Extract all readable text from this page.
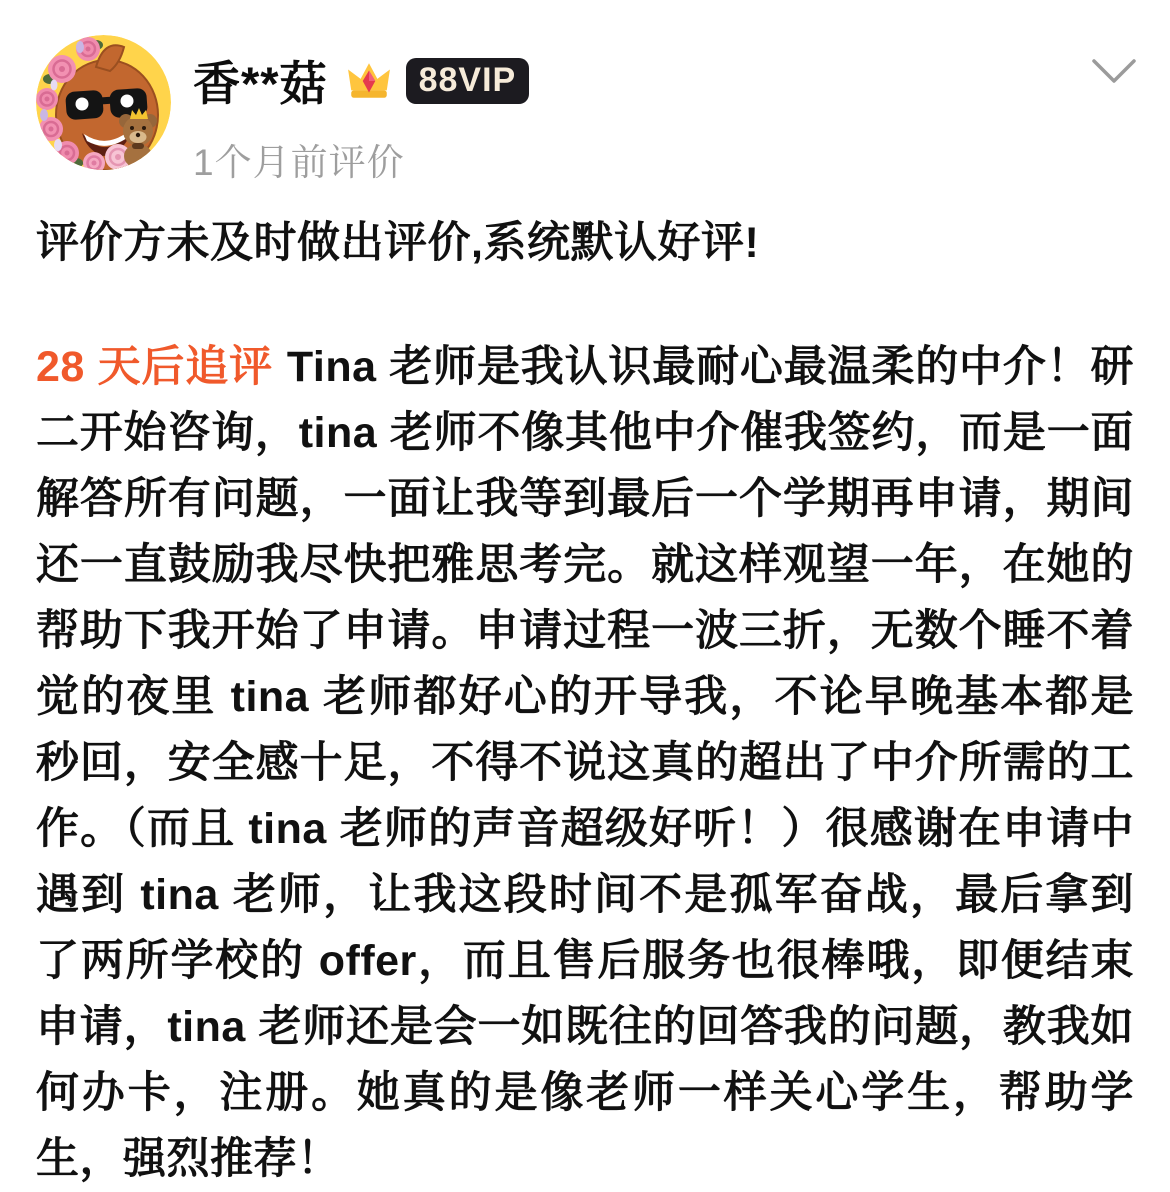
香**菇	88VIP
1个月前评价

评价方未及时做出评价,系统默认好评!

28 天后追评 Tina 老师是我认识最耐心最温柔的中介！研二开始咨询，tina 老师不像其他中介催我签约，而是一面解答所有问题，一面让我等到最后一个学期再申请，期间还一直鼓励我尽快把雅思考完。就这样观望一年，在她的帮助下我开始了申请。申请过程一波三折，无数个睡不着觉的夜里 tina 老师都好心的开导我，不论早晚基本都是秒回，安全感十足，不得不说这真的超出了中介所需的工作。（而且 tina 老师的声音超级好听！）很感谢在申请中遇到 tina 老师，让我这段时间不是孤军奋战，最后拿到了两所学校的 offer，而且售后服务也很棒哦，即便结束申请，tina 老师还是会一如既往的回答我的问题，教我如何办卡，注册。她真的是像老师一样关心学生，帮助学生，强烈推荐！
